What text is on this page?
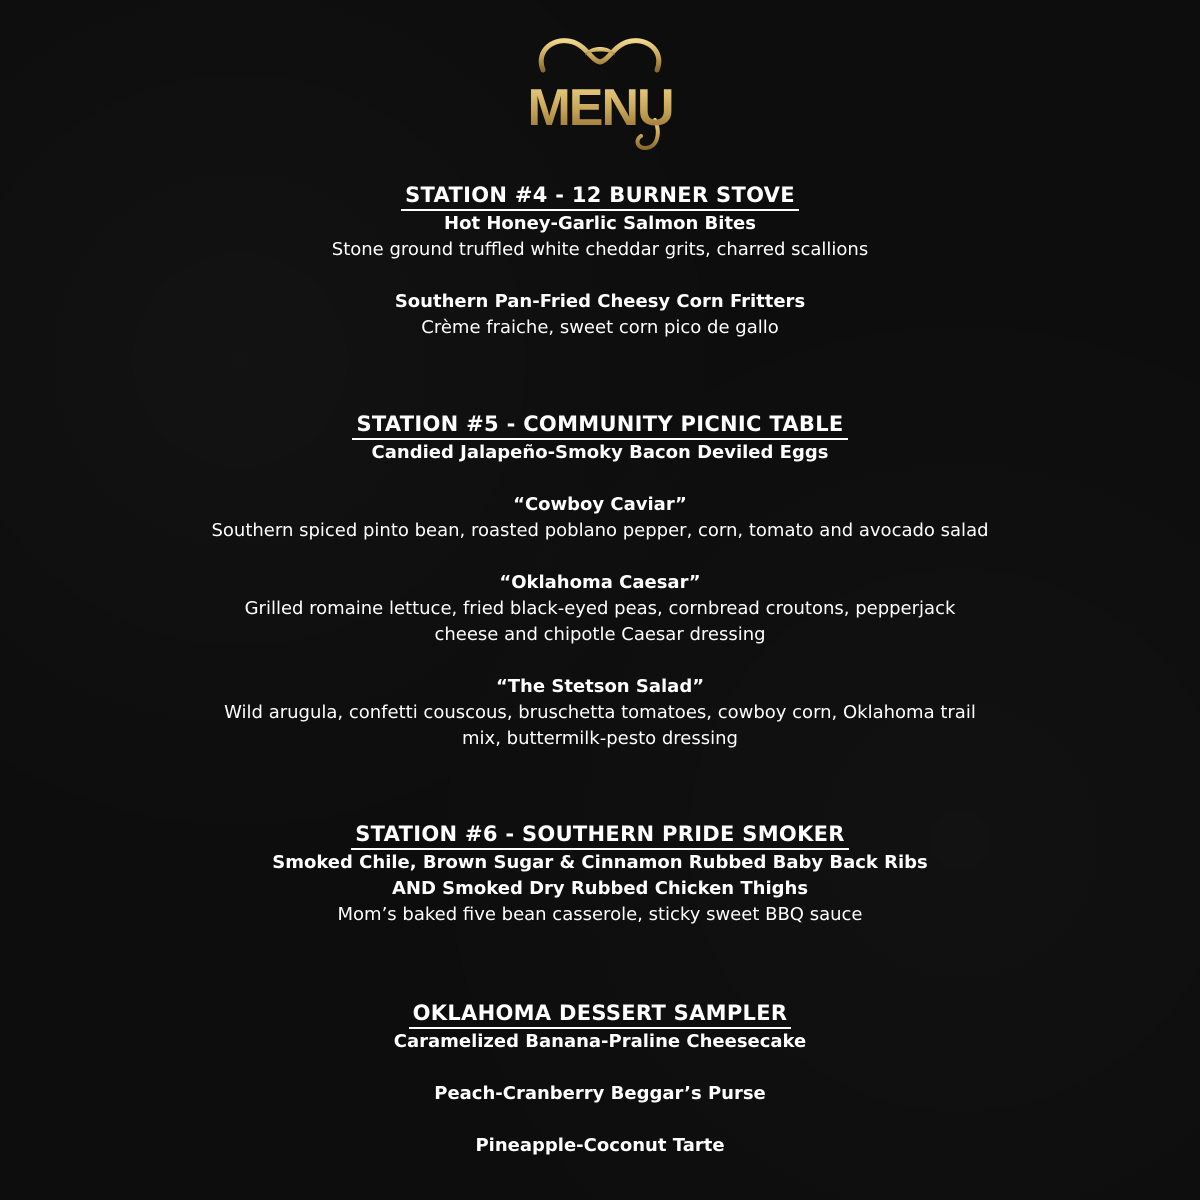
MENU
STATION #4 - 12 BURNER STOVE
Hot Honey-Garlic Salmon Bites
Stone ground truffled white cheddar grits, charred scallions
Southern Pan-Fried Cheesy Corn Fritters
Crème fraiche, sweet corn pico de gallo
STATION #5 - COMMUNITY PICNIC TABLE
Candied Jalapeño-Smoky Bacon Deviled Eggs
“Cowboy Caviar”
Southern spiced pinto bean, roasted poblano pepper, corn, tomato and avocado salad
“Oklahoma Caesar”
Grilled romaine lettuce, fried black-eyed peas, cornbread croutons, pepperjack
cheese and chipotle Caesar dressing
“The Stetson Salad”
Wild arugula, confetti couscous, bruschetta tomatoes, cowboy corn, Oklahoma trail
mix, buttermilk-pesto dressing
STATION #6 - SOUTHERN PRIDE SMOKER
Smoked Chile, Brown Sugar & Cinnamon Rubbed Baby Back Ribs
AND Smoked Dry Rubbed Chicken Thighs
Mom’s baked five bean casserole, sticky sweet BBQ sauce
OKLAHOMA DESSERT SAMPLER
Caramelized Banana-Praline Cheesecake
Peach-Cranberry Beggar’s Purse
Pineapple-Coconut Tarte
